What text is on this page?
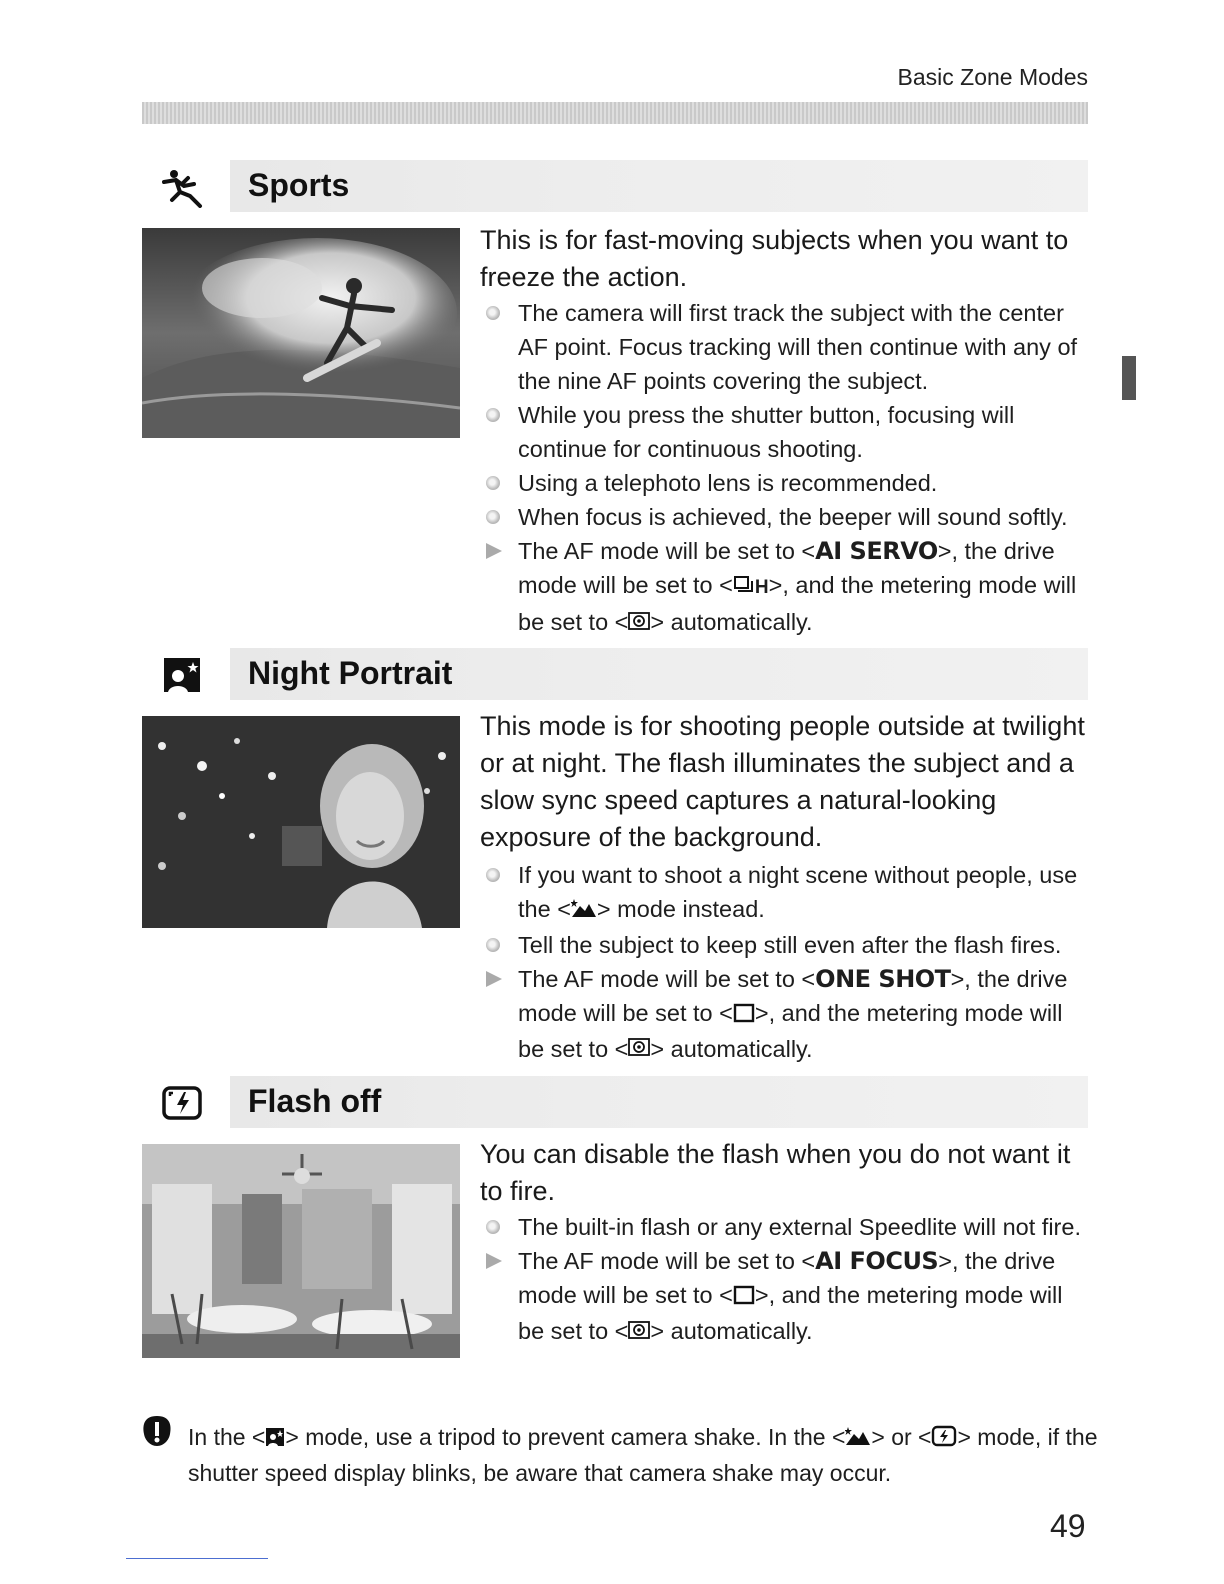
Basic Zone Modes
Sports

This is for fast-moving subjects when you want to freeze the action.

The camera will first track the subject with the center AF point. Focus tracking will then continue with any of the nine AF points covering the subject.
While you press the shutter button, focusing will continue for continuous shooting.
Using a telephoto lens is recommended.
When focus is achieved, the beeper will sound softly.
The AF mode will be set to <AI SERVO>, the drive mode will be set to < H>, and the metering mode will be set to < > automatically.
Night Portrait

This mode is for shooting people outside at twilight or at night. The flash illuminates the subject and a slow sync speed captures a natural-looking exposure of the background.

If you want to shoot a night scene without people, use the < > mode instead.
Tell the subject to keep still even after the flash fires.
The AF mode will be set to <ONE SHOT>, the drive mode will be set to < >, and the metering mode will be set to < > automatically.
Flash off

You can disable the flash when you do not want it to fire.

The built-in flash or any external Speedlite will not fire.
The AF mode will be set to <AI FOCUS>, the drive mode will be set to < >, and the metering mode will be set to < > automatically.
In the < > mode, use a tripod to prevent camera shake. In the < > or < > mode, if the shutter speed display blinks, be aware that camera shake may occur.
49
